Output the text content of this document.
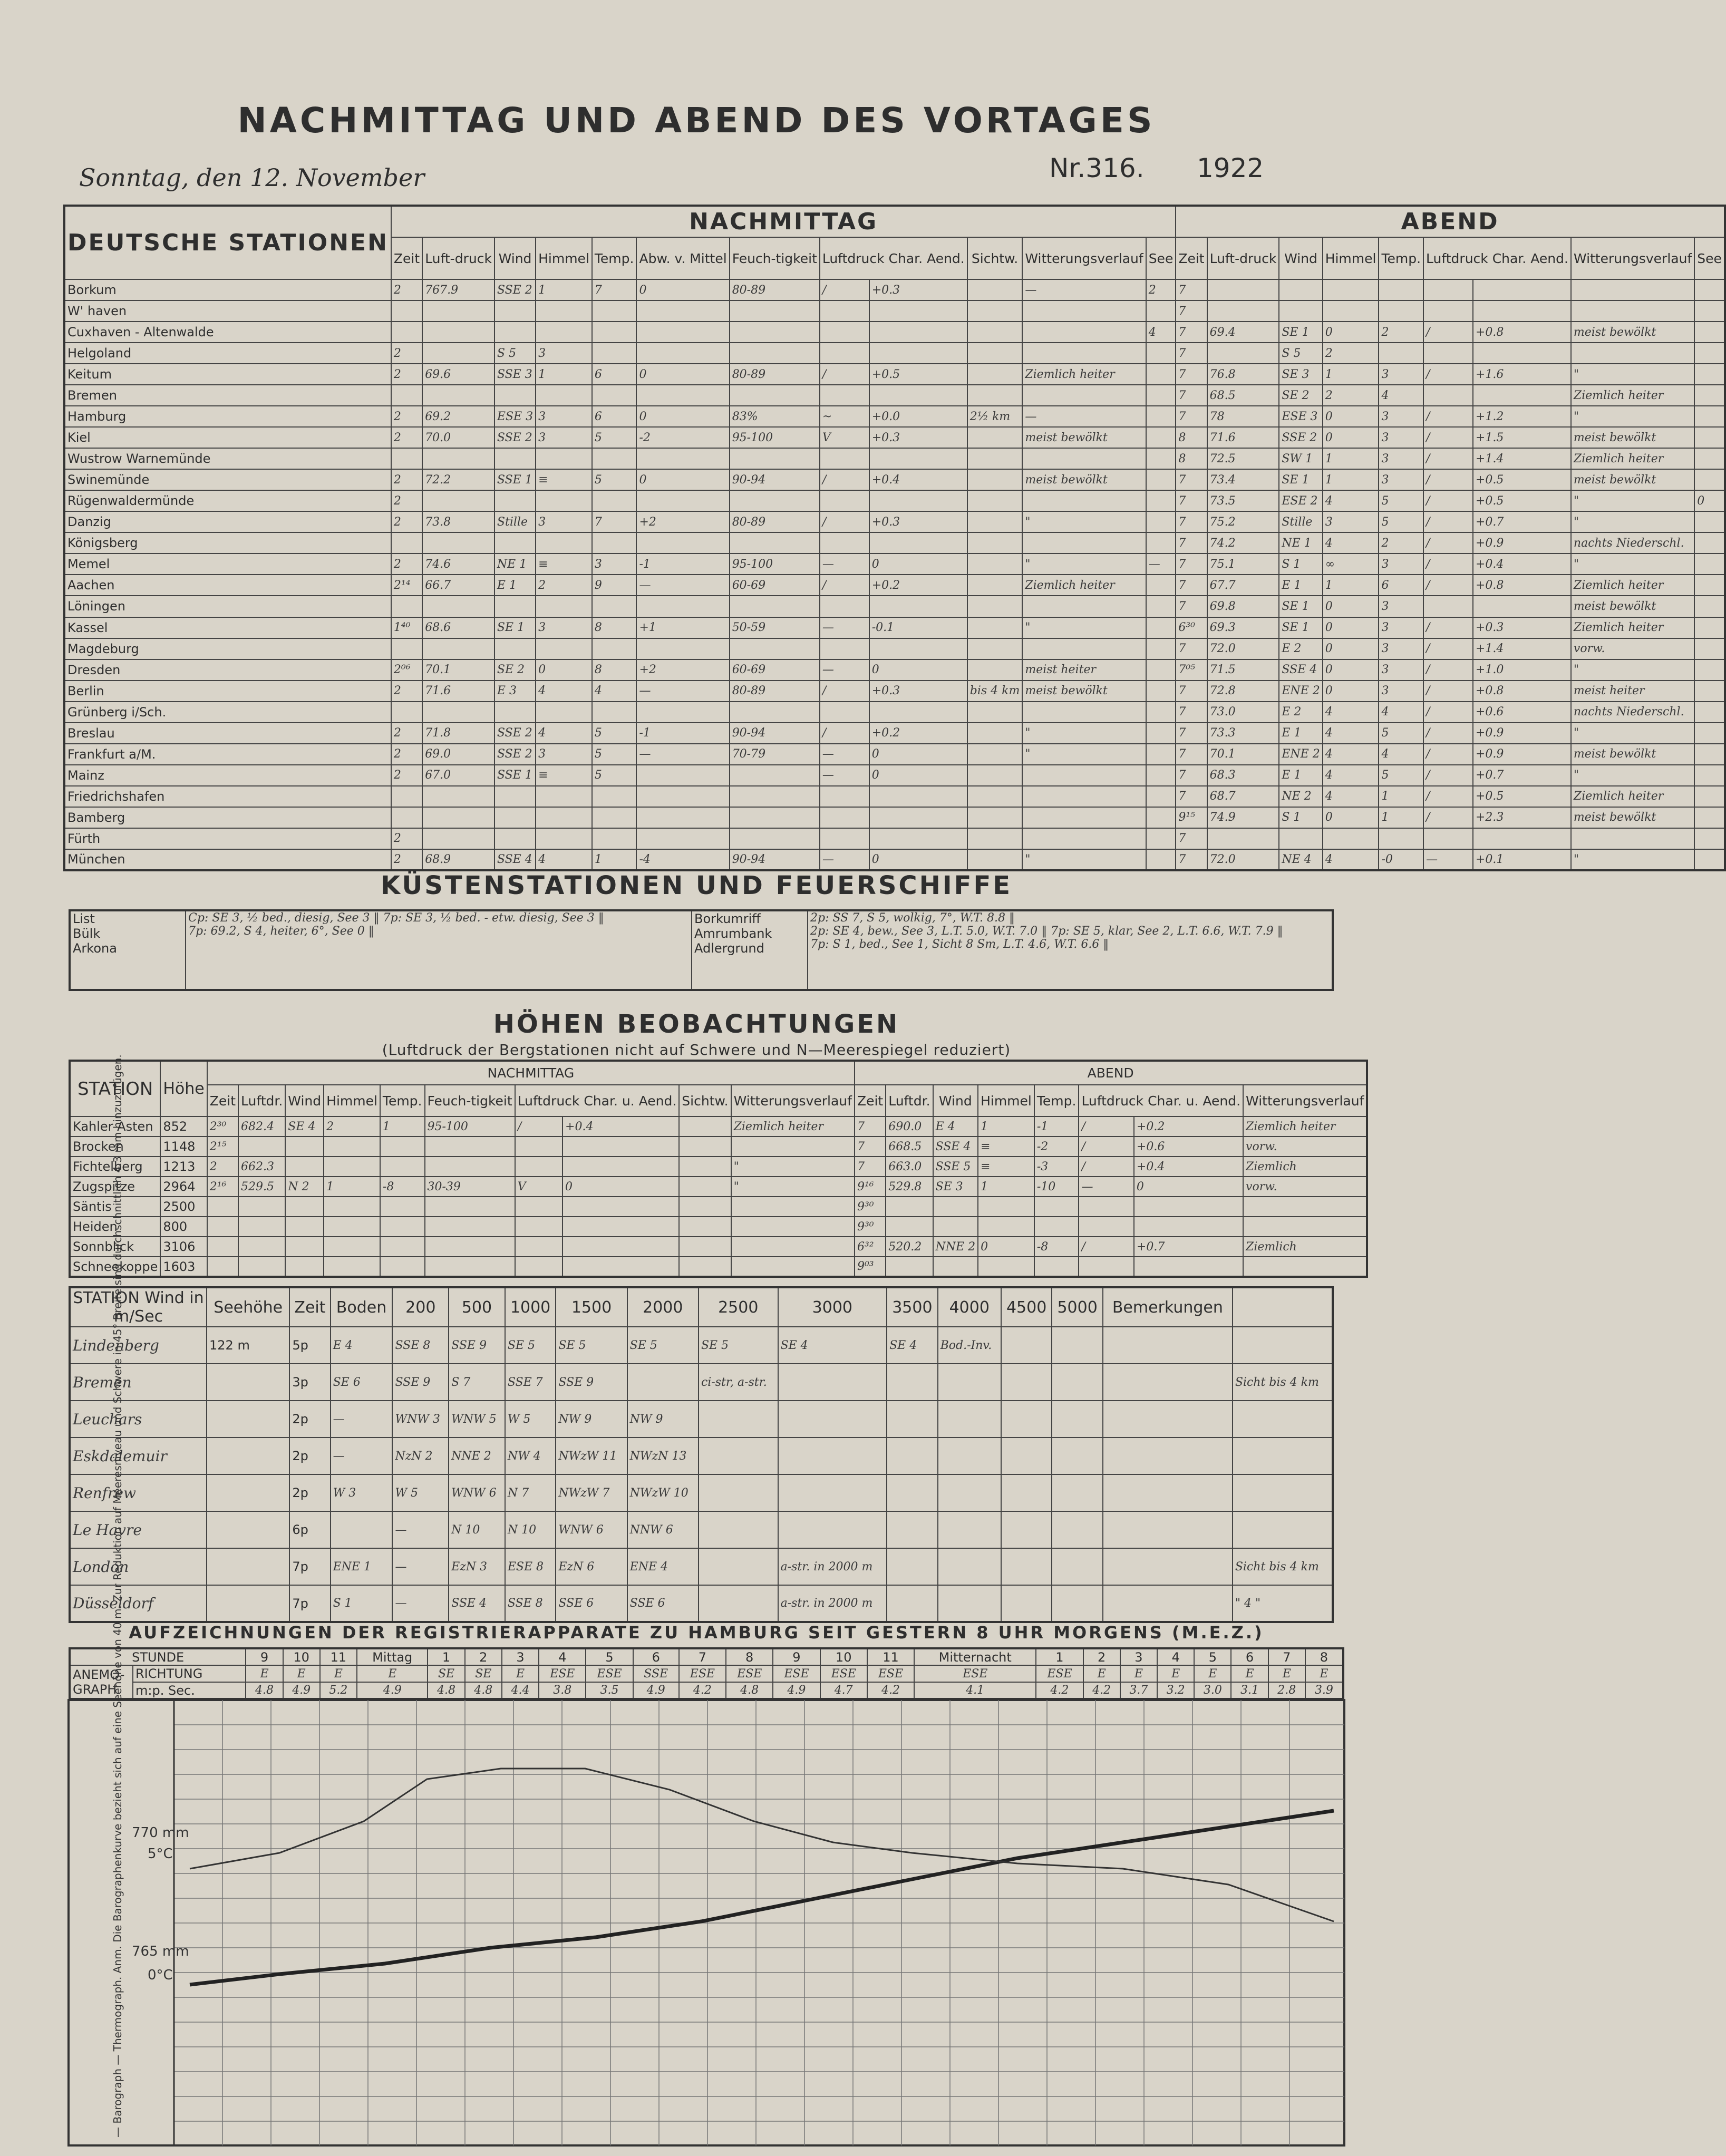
NACHMITTAG UND ABEND DES VORTAGES
Sonntag, den 12. November	Nr.316. 1922
DEUTSCHE STATIONEN	NACHMITTAG												ABEND								
	Zeit	Luft-druck	Wind	Himmel	Temp.	Abw. v. Mittel	Feuch-tigkeit	Luftdruck Char. Aend.		Sichtw.	Witterungsverlauf	See	Zeit	Luft-druck	Wind	Himmel	Temp.	Luftdruck Char. Aend.		Witterungsverlauf	See
Borkum	2	767.9	SSE 2	1	7	0	80-89	/	+0.3		—	2	7								
W' haven													7								
Cuxhaven - Altenwalde												4	7	69.4	SE 1	0	2	/	+0.8	meist bewölkt	
Helgoland	2		S 5	3									7		S 5	2					
Keitum	2	69.6	SSE 3	1	6	0	80-89	/	+0.5		Ziemlich heiter		7	76.8	SE 3	1	3	/	+1.6	"	
Bremen													7	68.5	SE 2	2	4			Ziemlich heiter	
Hamburg	2	69.2	ESE 3	3	6	0	83%	~	+0.0	2½ km	—		7	78	ESE 3	0	3	/	+1.2	"	
Kiel	2	70.0	SSE 2	3	5	-2	95-100	V	+0.3		meist bewölkt		8	71.6	SSE 2	0	3	/	+1.5	meist bewölkt	
Wustrow Warnemünde													8	72.5	SW 1	1	3	/	+1.4	Ziemlich heiter	
Swinemünde	2	72.2	SSE 1	≡	5	0	90-94	/	+0.4		meist bewölkt		7	73.4	SE 1	1	3	/	+0.5	meist bewölkt	
Rügenwaldermünde	2												7	73.5	ESE 2	4	5	/	+0.5	"	0
Danzig	2	73.8	Stille	3	7	+2	80-89	/	+0.3		"		7	75.2	Stille	3	5	/	+0.7	"	
Königsberg													7	74.2	NE 1	4	2	/	+0.9	nachts Niederschl.	
Memel	2	74.6	NE 1	≡	3	-1	95-100	—	0		"	—	7	75.1	S 1	∞	3	/	+0.4	"	
Aachen	2¹⁴	66.7	E 1	2	9	—	60-69	/	+0.2		Ziemlich heiter		7	67.7	E 1	1	6	/	+0.8	Ziemlich heiter	
Löningen													7	69.8	SE 1	0	3			meist bewölkt	
Kassel	1⁴⁰	68.6	SE 1	3	8	+1	50-59	—	-0.1		"		6³⁰	69.3	SE 1	0	3	/	+0.3	Ziemlich heiter	
Magdeburg													7	72.0	E 2	0	3	/	+1.4	vorw.	
Dresden	2⁰⁶	70.1	SE 2	0	8	+2	60-69	—	0		meist heiter		7⁰⁵	71.5	SSE 4	0	3	/	+1.0	"	
Berlin	2	71.6	E 3	4	4	—	80-89	/	+0.3	bis 4 km	meist bewölkt		7	72.8	ENE 2	0	3	/	+0.8	meist heiter	
Grünberg i/Sch.													7	73.0	E 2	4	4	/	+0.6	nachts Niederschl.	
Breslau	2	71.8	SSE 2	4	5	-1	90-94	/	+0.2		"		7	73.3	E 1	4	5	/	+0.9	"	
Frankfurt a/M.	2	69.0	SSE 2	3	5	—	70-79	—	0		"		7	70.1	ENE 2	4	4	/	+0.9	meist bewölkt	
Mainz	2	67.0	SSE 1	≡	5			—	0				7	68.3	E 1	4	5	/	+0.7	"	
Friedrichshafen													7	68.7	NE 2	4	1	/	+0.5	Ziemlich heiter	
Bamberg													9¹⁵	74.9	S 1	0	1	/	+2.3	meist bewölkt	
Fürth	2												7								
München	2	68.9	SSE 4	4	1	-4	90-94	—	0		"		7	72.0	NE 4	4	-0	—	+0.1	"	
KÜSTENSTATIONEN UND FEUERSCHIFFE
List
Bülk
Arkona

Cp: SE 3, ½ bed., diesig, See 3 ‖ 7p: SE 3, ½ bed. - etw. diesig, See 3 ‖
7p: 69.2, S 4, heiter, 6°, See 0 ‖

Borkumriff
Amrumbank
Adlergrund

2p: SS 7, S 5, wolkig, 7°, W.T. 8.8 ‖
2p: SE 4, bew., See 3, L.T. 5.0, W.T. 7.0 ‖ 7p: SE 5, klar, See 2, L.T. 6.6, W.T. 7.9 ‖
7p: S 1, bed., See 1, Sicht 8 Sm, L.T. 4.6, W.T. 6.6 ‖
HÖHEN BEOBACHTUNGEN
(Luftdruck der Bergstationen nicht auf Schwere und N—Meerespiegel reduziert)
STATION	Höhe	NACHMITTAG										ABEND							
		Zeit	Luftdr.	Wind	Himmel	Temp.	Feuch-tigkeit	Luftdruck Char. u. Aend.		Sichtw.	Witterungsverlauf	Zeit	Luftdr.	Wind	Himmel	Temp.	Luftdruck Char. u. Aend.		Witterungsverlauf
Kahler Asten	852	2³⁰	682.4	SE 4	2	1	95-100	/	+0.4		Ziemlich heiter	7	690.0	E 4	1	-1	/	+0.2	Ziemlich heiter
Brocken	1148	2¹⁵										7	668.5	SSE 4	≡	-2	/	+0.6	vorw.
Fichtelberg	1213	2	662.3								"	7	663.0	SSE 5	≡	-3	/	+0.4	Ziemlich
Zugspitze	2964	2¹⁶	529.5	N 2	1	-8	30-39	V	0		"	9¹⁶	529.8	SE 3	1	-10	—	0	vorw.
Säntis	2500											9³⁰							
Heiden	800											9³⁰							
Sonnblick	3106											6³²	520.2	NNE 2	0	-8	/	+0.7	Ziemlich
Schneekoppe	1603											9⁰³							
STATION Wind in m/Sec	Seehöhe	Zeit	Boden	200	500	1000	1500	2000	2500	3000	3500	4000	4500	5000	Bemerkungen	
Lindenberg	122 m	5p	E 4	SSE 8	SSE 9	SE 5	SE 5	SE 5	SE 5	SE 4	SE 4	Bod.-Inv.				
Bremen		3p	SE 6	SSE 9	S 7	SSE 7	SSE 9		ci-str, a-str.							Sicht bis 4 km
Leuchars		2p	—	WNW 3	WNW 5	W 5	NW 9	NW 9								
Eskdalemuir		2p	—	NzN 2	NNE 2	NW 4	NWzW 11	NWzN 13								
Renfrew		2p	W 3	W 5	WNW 6	N 7	NWzW 7	NWzW 10								
Le Havre		6p		—	N 10	N 10	WNW 6	NNW 6								
London		7p	ENE 1	—	EzN 3	ESE 8	EzN 6	ENE 4		a-str. in 2000 m						Sicht bis 4 km
Düsseldorf		7p	S 1	—	SSE 4	SSE 8	SSE 6	SSE 6		a-str. in 2000 m						" 4 "
AUFZEICHNUNGEN DER REGISTRIERAPPARATE ZU HAMBURG SEIT GESTERN 8 UHR MORGENS (M.E.Z.)
STUNDE		9	10	11	Mittag	1	2	3	4	5	6	7	8	9	10	11	Mitternacht	1	2	3	4	5	6	7	8
ANEMO-GRAPH	RICHTUNG	E	E	E	E	SE	SE	E	ESE	ESE	SSE	ESE	ESE	ESE	ESE	ESE	ESE	ESE	E	E	E	E	E	E	E
	m:p. Sec.	4.8	4.9	5.2	4.9	4.8	4.8	4.4	3.8	3.5	4.9	4.2	4.8	4.9	4.7	4.2	4.1	4.2	4.2	3.7	3.2	3.0	3.1	2.8	3.9
770 mm
5°C
765 mm
0°C
— Barograph — Thermograph. Anm. Die Barographenkurve bezieht sich auf eine Seehöhe von 40 m. Zur Reduktion auf Meeresniveau und Schwere in 45° Breite sind durchschnittlich 4.3 mm hinzuzufügen.
